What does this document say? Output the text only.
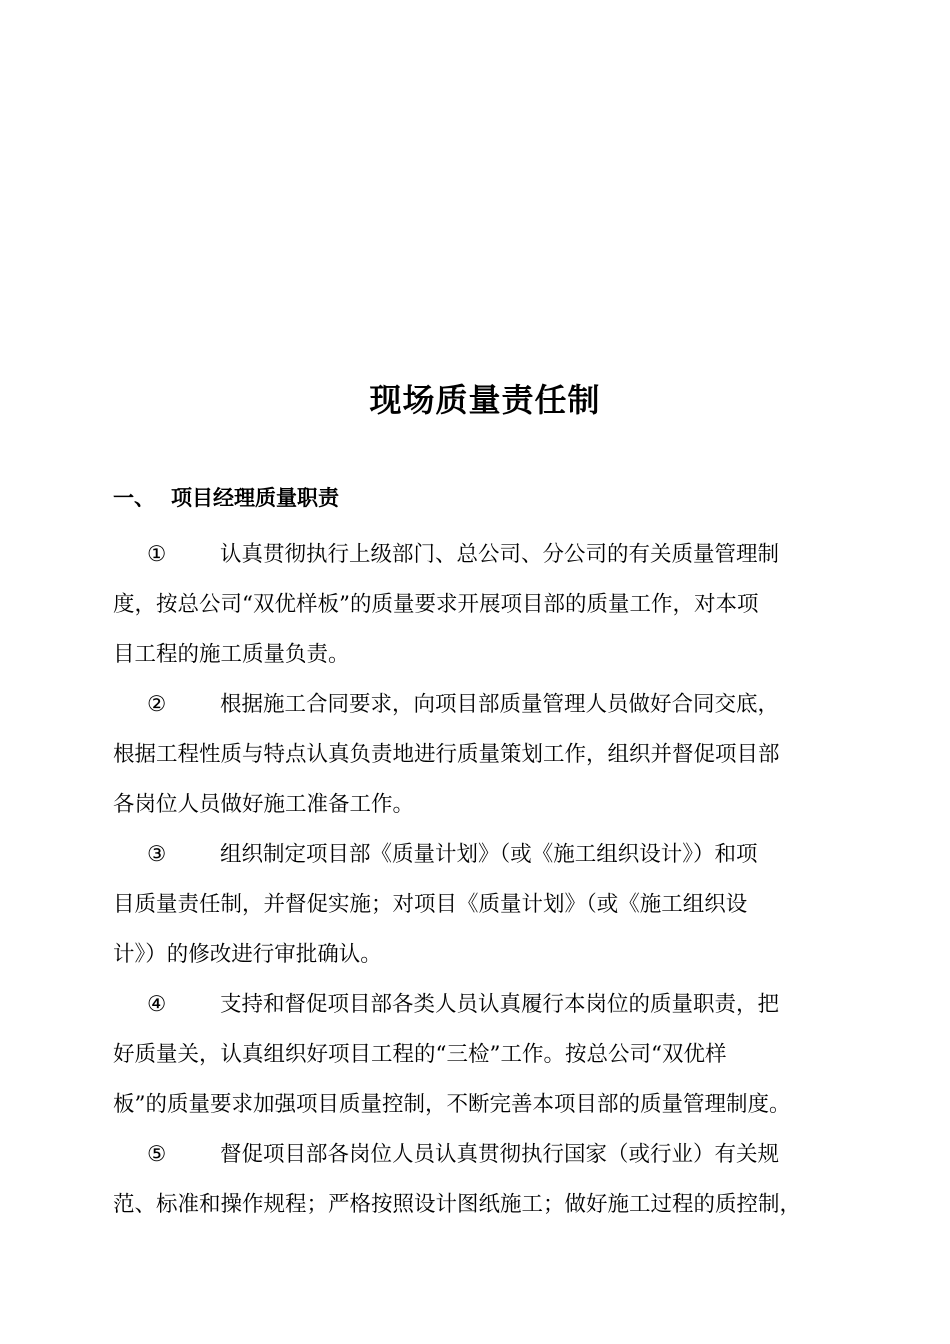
现场质量责任制
一、 项目经理质量职责
① 认真贯彻执行上级部门、总公司、分公司的有关质量管理制
度，按总公司“双优样板”的质量要求开展项目部的质量工作，对本项
目工程的施工质量负责。
② 根据施工合同要求，向项目部质量管理人员做好合同交底，
根据工程性质与特点认真负责地进行质量策划工作，组织并督促项目部
各岗位人员做好施工准备工作。
③ 组织制定项目部《质量计划》（或《施工组织设计》）和项
目质量责任制，并督促实施；对项目《质量计划》（或《施工组织设
计》）的修改进行审批确认。
④ 支持和督促项目部各类人员认真履行本岗位的质量职责，把
好质量关，认真组织好项目工程的“三检”工作。按总公司“双优样
板”的质量要求加强项目质量控制，不断完善本项目部的质量管理制度。
⑤ 督促项目部各岗位人员认真贯彻执行国家（或行业）有关规
范、标准和操作规程；严格按照设计图纸施工；做好施工过程的质控制，
